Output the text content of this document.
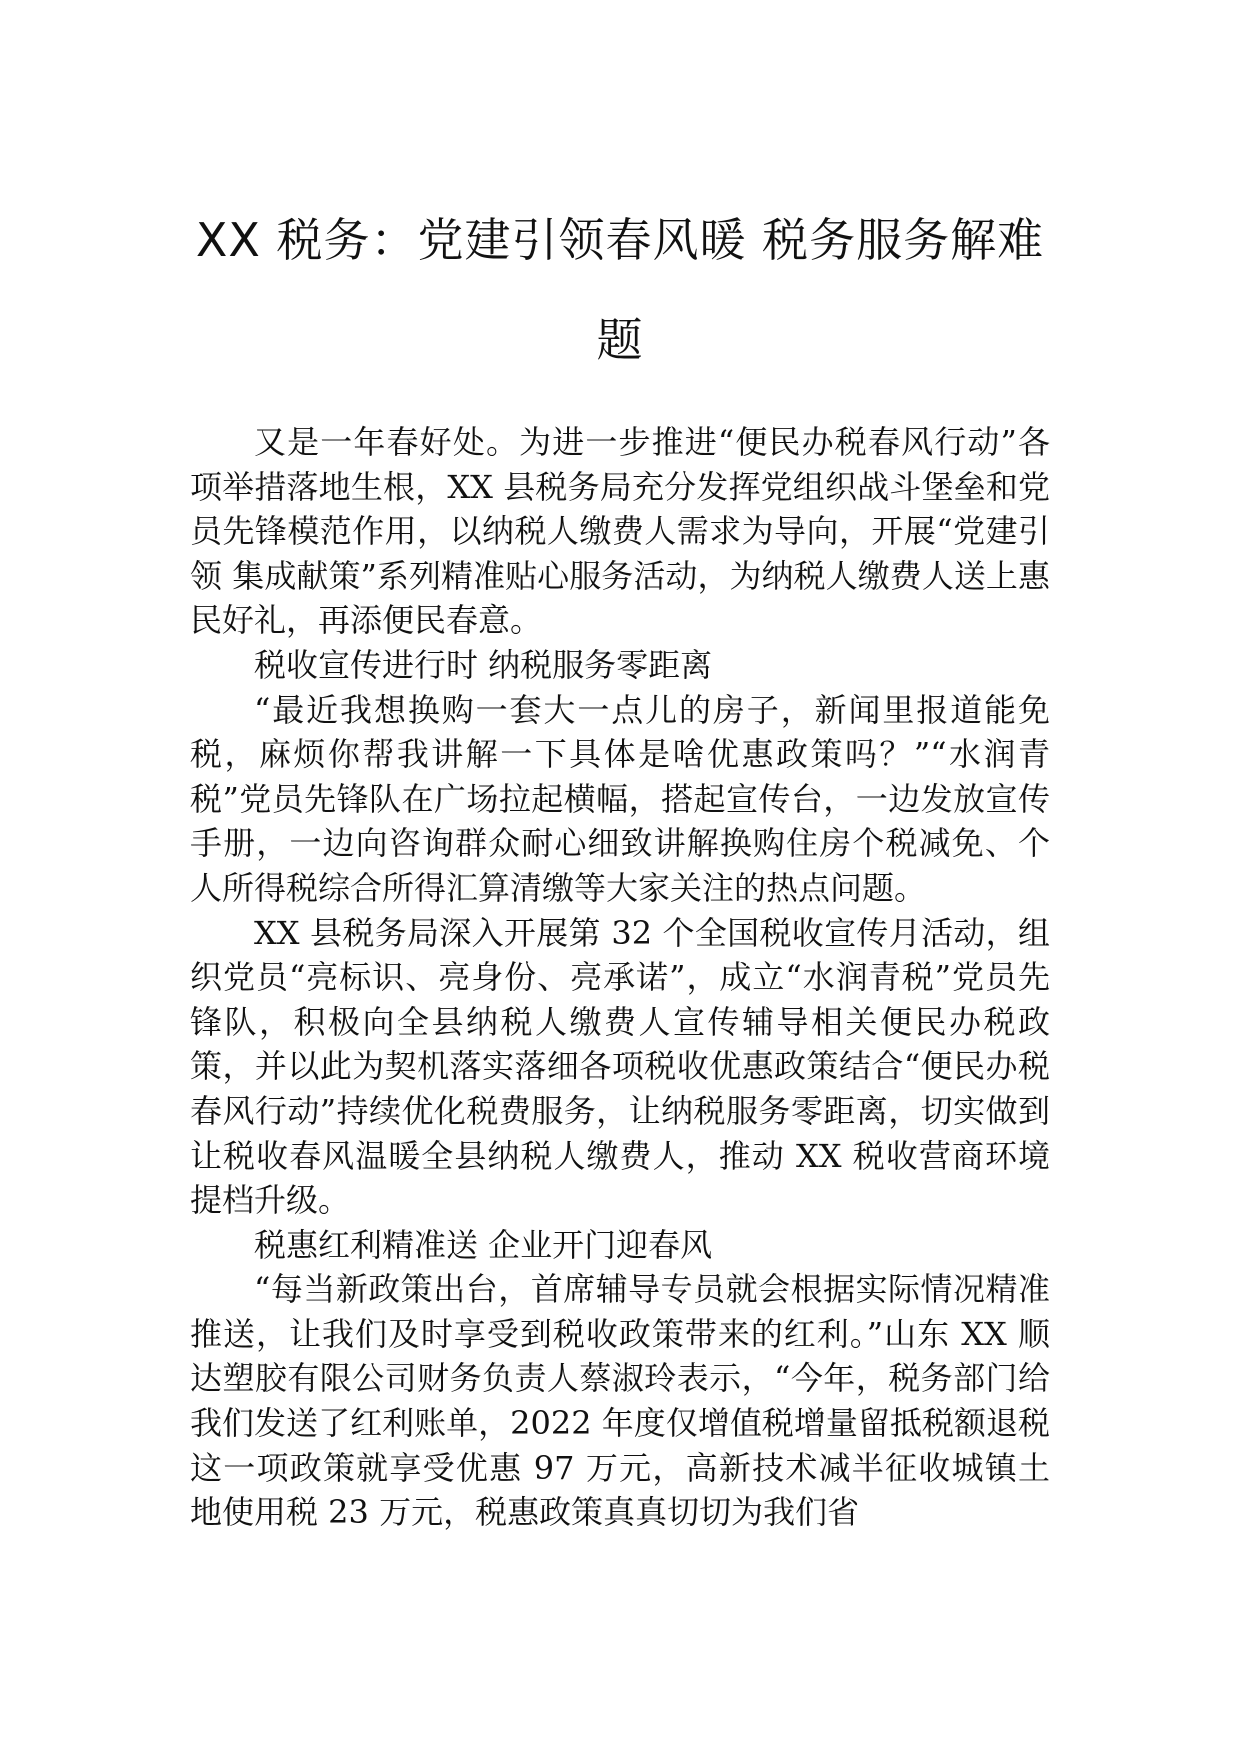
XX 税务：党建引领春风暖 税务服务解难题

又是一年春好处。为进一步推进“便民办税春风行动”各项举措落地生根，XX 县税务局充分发挥党组织战斗堡垒和党员先锋模范作用，以纳税人缴费人需求为导向，开展“党建引领 集成献策”系列精准贴心服务活动，为纳税人缴费人送上惠民好礼，再添便民春意。

税收宣传进行时 纳税服务零距离

“最近我想换购一套大一点儿的房子，新闻里报道能免税，麻烦你帮我讲解一下具体是啥优惠政策吗？”“水润青税”党员先锋队在广场拉起横幅，搭起宣传台，一边发放宣传手册，一边向咨询群众耐心细致讲解换购住房个税减免、个人所得税综合所得汇算清缴等大家关注的热点问题。

XX 县税务局深入开展第 32 个全国税收宣传月活动，组织党员“亮标识、亮身份、亮承诺”，成立“水润青税”党员先锋队，积极向全县纳税人缴费人宣传辅导相关便民办税政策，并以此为契机落实落细各项税收优惠政策结合“便民办税春风行动”持续优化税费服务，让纳税服务零距离，切实做到让税收春风温暖全县纳税人缴费人，推动 XX 税收营商环境提档升级。

税惠红利精准送 企业开门迎春风

“每当新政策出台，首席辅导专员就会根据实际情况精准推送，让我们及时享受到税收政策带来的红利。”山东 XX 顺达塑胶有限公司财务负责人蔡淑玲表示，“今年，税务部门给我们发送了红利账单，2022 年度仅增值税增量留抵税额退税这一项政策就享受优惠 97 万元，高新技术减半征收城镇土地使用税 23 万元，税惠政策真真切切为我们省
